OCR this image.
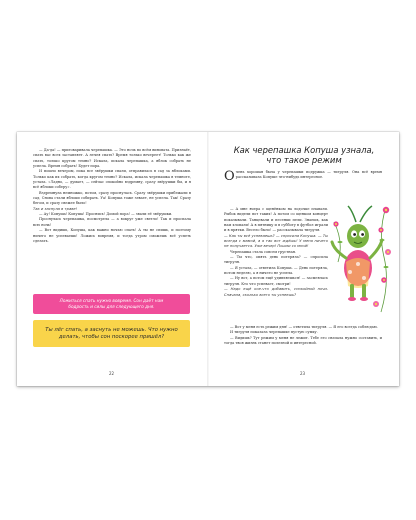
— Да-да! — приговаривала черепашка. — Это ночь во всём виновата. Признаёт, спать вас всех заставляет. А лечея спать? Время только вечереет! Только как же спать, только кругом темно? Искала, искала черепашка, а яблок собрать не успела. Время собрать! Будет пора.

И пошло вечером, пока все звёрушки спали, отправилась в сад за яблоками. Только как их собрать, когда кругом темно? Искала, искала черепашка в темноте, устала. «Ладно, — думает, — сейчас спокойно вздремну, сразу звёрушки бы, и я всё яблоки соберу».

Вздремнула немножко, потом, сразу проснулась. Сразу звёрушки прибежали в сад. Снова стали яблоки собирать. Уа! Копуша тоже зевает, не успела. Так! Сразу бегом, и сразу свежее было!

Так и заснула в траве!

— Ау! Копуша! Копуша! Проснись! Домой пора! — звали её звёрушки.

Проснулась черепашка, посмотрела — а вокруг уже светло! Так и проспала всю ночь!

— Вот видишь, Копуша, как важно ночью спать! А ты не спишь, и поэтому ничего не успеваешь! Ложись вовремя, и тогда утром сможешь всё успеть сделать.

Ложиться спать нужно вовремя. Сон даёт нам бодрость и силы для следующего дня.
Ты лёг спать, а заснуть не можешь. Что нужно делать, чтобы сон поскорее пришёл?
22
Как черепашка Копуша узнала, что такое режим

Очень хорошая была у черепашки подружка — тигруля. Она всё время рассказывала Копуше что-нибудь интересное.

— А мне вчера с щенёнком на лодочке плавали. Рыбок видели вот таких! А потом со щенком концерт показывали. Танцевали и песенки пели. Знаешь, как нам хлопали! А в пятницу и в субботу в футбол играли и в прятки. Весело было! — рассказывала тигруля.

— Как ты всё успеваешь? — спросила Копуша. — Ты всегда с мамой, а я так вот ждёшь! У меня ничего не получается. Уже вечер! Пошли со мной!

Черепашка стала совсем грустная.

— Ты что, опять день потеряла? — спросила тигруля.

— Я устала, — ответила Копуша. — День потеряла, потом неделю, а я ничего не успела.

— Ну вот, а потом ещё удивляешься! — засмеялась тигруля. Кто что успевает, смотри!

— Надо ещё кое-что добавить, спокойной ночи. Сначала, сколько всего ты успеешь?

— Вот у меня есть режим дня! — ответила тигруля. — Я его всегда соблюдаю.

И тигруля показала черепашке пустую сумку.

— Видишь? Тут режим у меня не лежит. Тебе его сначала нужно составить, и тогда твоя жизнь станет полезной и интересной.

23
